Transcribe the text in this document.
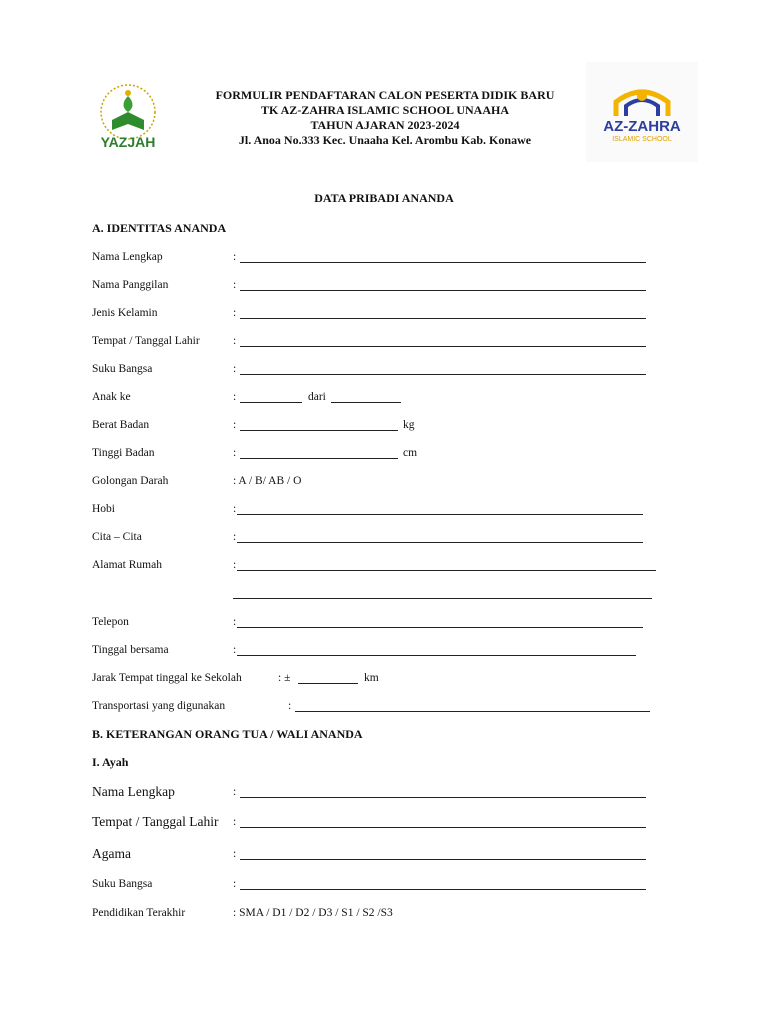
YAZJAH
AZ-ZAHRA
ISLAMIC SCHOOL
FORMULIR PENDAFTARAN CALON PESERTA DIDIK BARU
TK AZ-ZAHRA ISLAMIC SCHOOL UNAAHA
TAHUN AJARAN 2023-2024
Jl. Anoa No.333 Kec. Unaaha Kel. Arombu Kab. Konawe
DATA PRIBADI ANANDA
A. IDENTITAS ANANDA
Nama Lengkap	:
Nama Panggilan	:
Jenis Kelamin	:
Tempat / Tanggal Lahir	:
Suku Bangsa	:
Anak ke	:	dari
Berat Badan	:	kg
Tinggi Badan	:	cm
Golongan Darah	: A / B/ AB / O
Hobi	:
Cita – Cita	:
Alamat Rumah	:
Telepon	:
Tinggal bersama	:
Jarak Tempat tinggal ke Sekolah	: ±	km
Transportasi yang digunakan	:
B. KETERANGAN ORANG TUA / WALI ANANDA
I. Ayah
Nama Lengkap	:
Tempat / Tanggal Lahir :
Agama	:
Suku Bangsa	:
Pendidikan Terakhir	: SMA / D1 / D2 / D3 / S1 / S2 /S3
